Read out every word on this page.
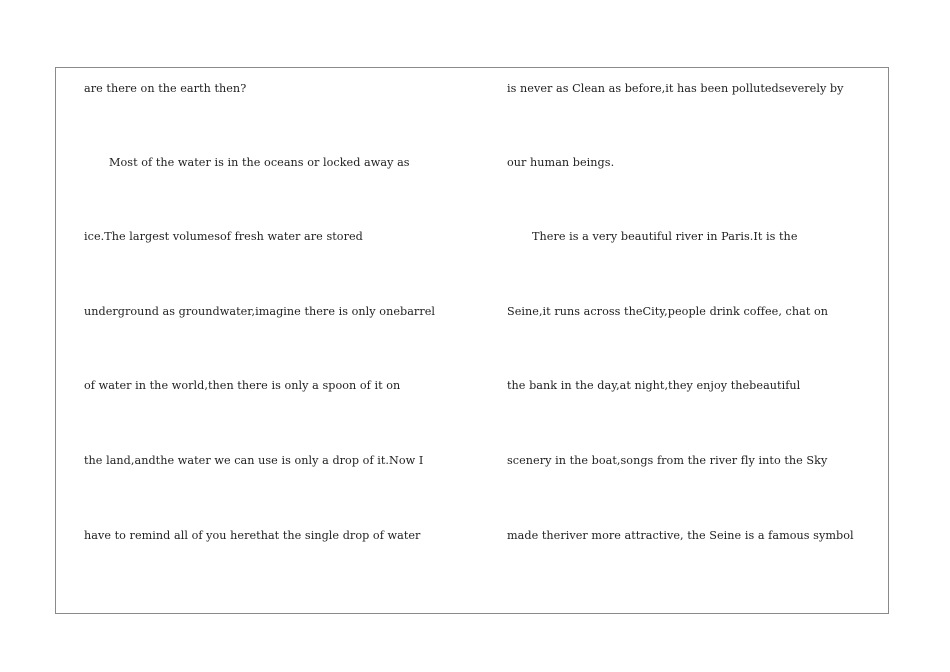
are there on the earth then?
Most of the water is in the oceans or locked away as
ice.The largest volumesof fresh water are stored
underground as groundwater,imagine there is only onebarrel
of water in the world,then there is only a spoon of it on
the land,andthe water we can use is only a drop of it.Now I
have to remind all of you herethat the single drop of water
is never as Clean as before,it has been pollutedseverely by
our human beings.
There is a very beautiful river in Paris.It is the
Seine,it runs across theCity,people drink coffee, chat on
the bank in the day,at night,they enjoy thebeautiful
scenery in the boat,songs from the river fly into the Sky
made theriver more attractive, the Seine is a famous symbol
